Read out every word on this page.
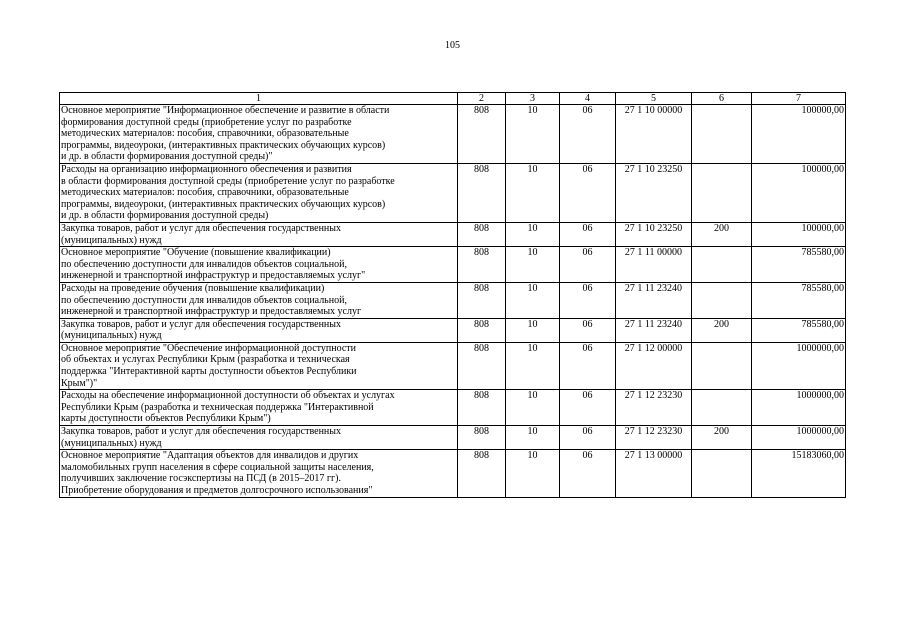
105
1	2	3	4	5	6	7

Основное мероприятие "Информационное обеспечение и развитие в области
формирования доступной среды (приобретение услуг по разработке
методических материалов: пособия, справочники, образовательные
программы, видеоуроки, (интерактивных практических обучающих курсов)
и др. в области формирования доступной среды)"	808	10	06	27 1 10 00000		100000,00

Расходы на организацию информационного обеспечения и развития
в области формирования доступной среды (приобретение услуг по разработке
методических материалов: пособия, справочники, образовательные
программы, видеоуроки, (интерактивных практических обучающих курсов)
и др. в области формирования доступной среды)	808	10	06	27 1 10 23250		100000,00

Закупка товаров, работ и услуг для обеспечения государственных
(муниципальных) нужд	808	10	06	27 1 10 23250	200	100000,00

Основное мероприятие "Обучение (повышение квалификации)
по обеспечению доступности для инвалидов объектов социальной,
инженерной и транспортной инфраструктур и предоставляемых услуг"	808	10	06	27 1 11 00000		785580,00

Расходы на проведение обучения (повышение квалификации)
по обеспечению доступности для инвалидов объектов социальной,
инженерной и транспортной инфраструктур и предоставляемых услуг	808	10	06	27 1 11 23240		785580,00

Закупка товаров, работ и услуг для обеспечения государственных
(муниципальных) нужд	808	10	06	27 1 11 23240	200	785580,00

Основное мероприятие "Обеспечение информационной доступности
об объектах и услугах Республики Крым (разработка и техническая
поддержка "Интерактивной карты доступности объектов Республики
Крым")"	808	10	06	27 1 12 00000		1000000,00

Расходы на обеспечение информационной доступности об объектах и услугах
Республики Крым (разработка и техническая поддержка "Интерактивной
карты доступности объектов Республики Крым")	808	10	06	27 1 12 23230		1000000,00

Закупка товаров, работ и услуг для обеспечения государственных
(муниципальных) нужд	808	10	06	27 1 12 23230	200	1000000,00

Основное мероприятие "Адаптация объектов для инвалидов и других
маломобильных групп населения в сфере социальной защиты населения,
получивших заключение госэкспертизы на ПСД (в 2015–2017 гг).
Приобретение оборудования и предметов долгосрочного использования"	808	10	06	27 1 13 00000		15183060,00
